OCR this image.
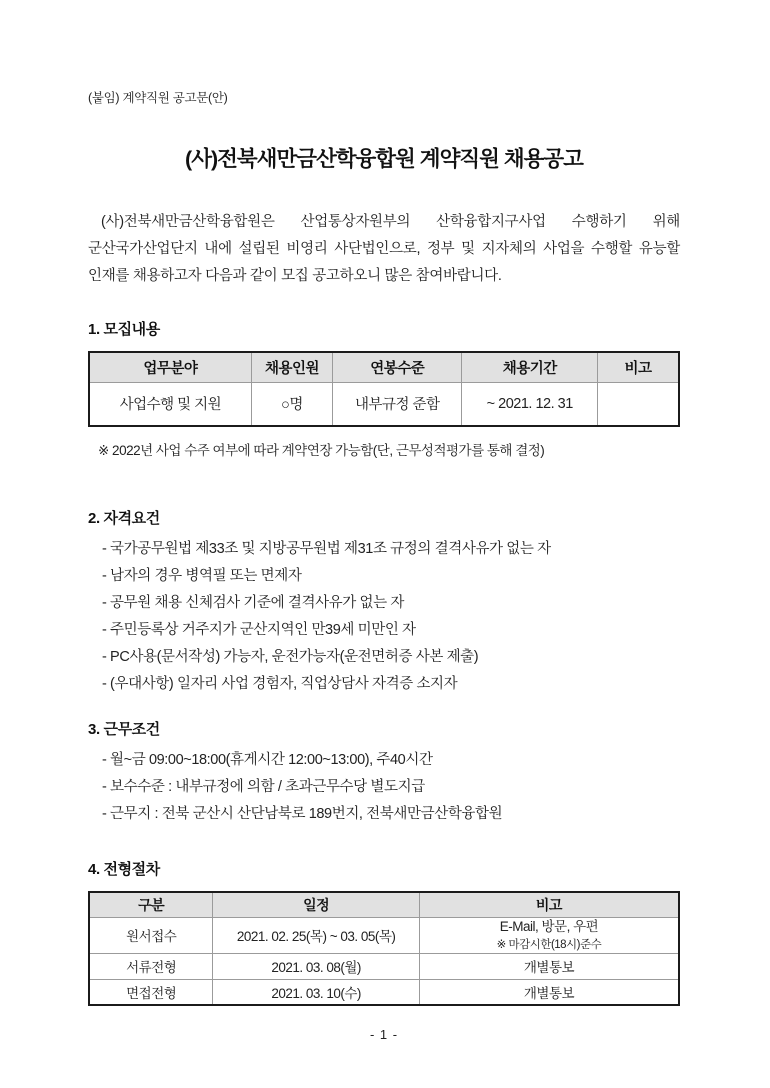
(붙임) 계약직원 공고문(안)
(사)전북새만금산학융합원 계약직원 채용공고

(사)전북새만금산학융합원은 산업통상자원부의 산학융합지구사업 수행하기 위해 군산국가산업단지 내에 설립된 비영리 사단법인으로, 정부 및 지자체의 사업을 수행할 유능할 인재를 채용하고자 다음과 같이 모집 공고하오니 많은 참여바랍니다.

1. 모집내용
업무분야	채용인원	연봉수준	채용기간	비고
사업수행 및 지원	○명	내부규정 준함	~ 2021. 12. 31	
※ 2022년 사업 수주 여부에 따라 계약연장 가능함(단, 근무성적평가를 통해 결정)
2. 자격요건
- 국가공무원법 제33조 및 지방공무원법 제31조 규정의 결격사유가 없는 자
- 남자의 경우 병역필 또는 면제자
- 공무원 채용 신체검사 기준에 결격사유가 없는 자
- 주민등록상 거주지가 군산지역인 만39세 미만인 자
- PC사용(문서작성) 가능자, 운전가능자(운전면허증 사본 제출)
- (우대사항) 일자리 사업 경험자, 직업상담사 자격증 소지자
3. 근무조건
- 월~금 09:00~18:00(휴게시간 12:00~13:00), 주40시간
- 보수수준 : 내부규정에 의함 / 초과근무수당 별도지급
- 근무지 : 전북 군산시 산단남북로 189번지, 전북새만금산학융합원
4. 전형절차
구분	일정	비고
원서접수	2021. 02. 25(목) ~ 03. 05(목)	E-Mail, 방문, 우편
※ 마감시한(18시)준수

서류전형	2021. 03. 08(월)	개별통보
면접전형	2021. 03. 10(수)	개별통보
- 1 -
